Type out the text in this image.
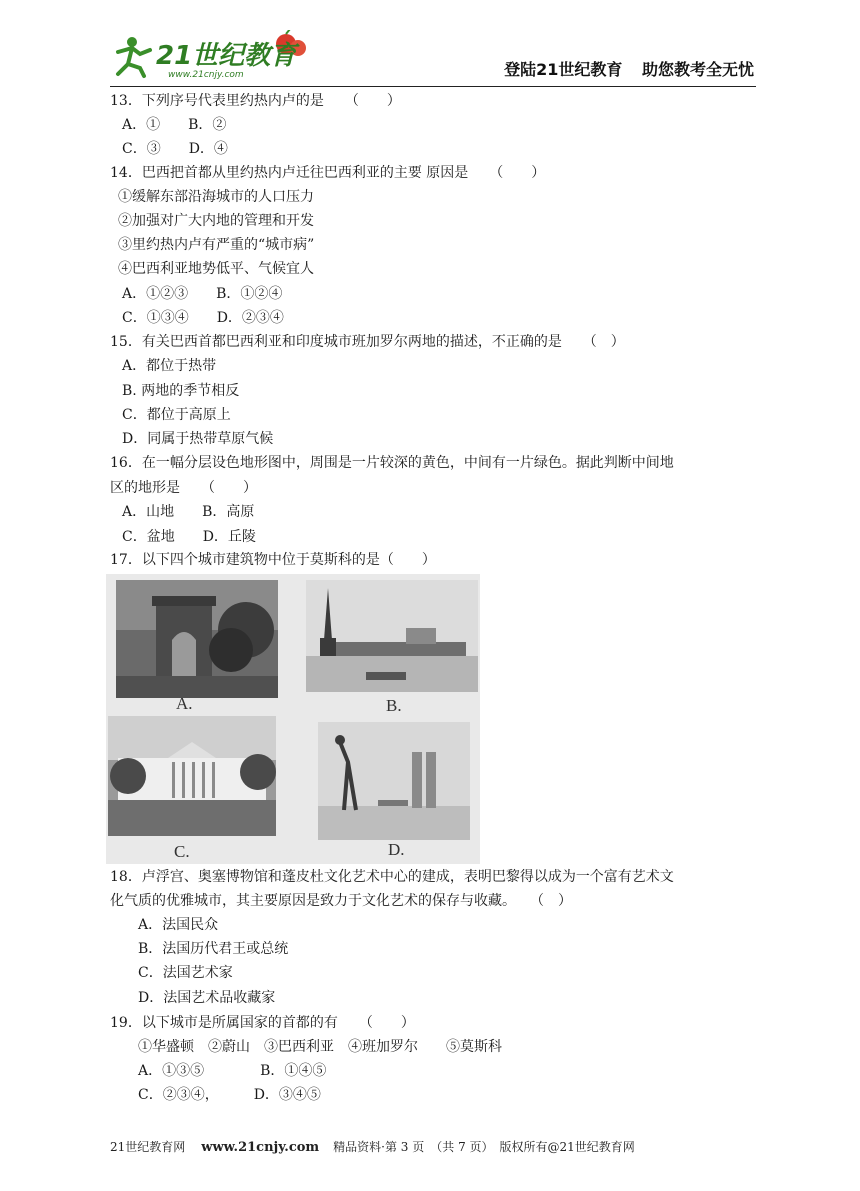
21世纪教育
www.21cnjy.com	登陆21世纪教育 助您教考全无忧
13．下列序号代表里约热内卢的是　　（　　）
A．①　　B．②
C．③　　D．④
14．巴西把首都从里约热内卢迁往巴西利亚的主要 原因是　　（　　）
①缓解东部沿海城市的人口压力
②加强对广大内地的管理和开发
③里约热内卢有严重的“城市病”
④巴西利亚地势低平、气候宜人
A．①②③　　B．①②④
C．①③④　　D．②③④
15．有关巴西首都巴西利亚和印度城市班加罗尔两地的描述，不正确的是　　（　）
A．都位于热带
B. 两地的季节相反
C．都位于高原上
D．同属于热带草原气候
16．在一幅分层设色地形图中，周围是一片较深的黄色，中间有一片绿色。据此判断中间地
区的地形是　　（　　）
A．山地　　B．高原
C．盆地　　D．丘陵
17．以下四个城市建筑物中位于莫斯科的是（　　）
A.	B.
C.	D.
18．卢浮宫、奥塞博物馆和蓬皮杜文化艺术中心的建成，表明巴黎得以成为一个富有艺术文
化气质的优雅城市，其主要原因是致力于文化艺术的保存与收藏。　　（　）
A．法国民众
B．法国历代君王或总统
C．法国艺术家
D．法国艺术品收藏家
19．以下城市是所属国家的首都的有　　（　　）
①华盛顿　②蔚山　③巴西利亚　④班加罗尔　　⑤莫斯科
A．①③⑤　　　　B．①④⑤
C．②③④，　　　D．③④⑤
21世纪教育网 www.21cnjy.com 精品资料·第 3 页　（共 7 页）　版权所有@21世纪教育网
